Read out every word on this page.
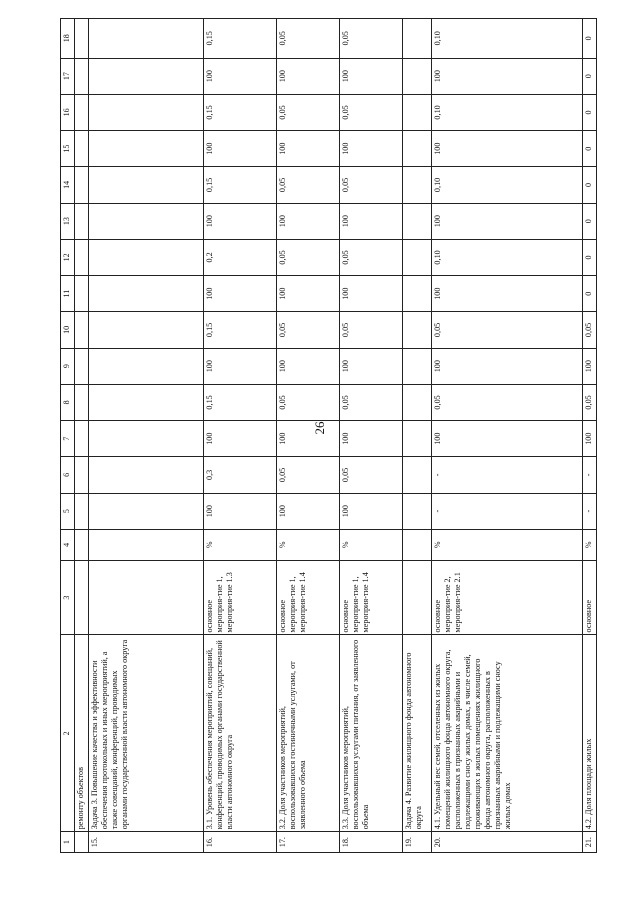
26
1	2	3	4	5	6	7	8	9	10	11	12	13	14	15	16	17	18
	ремонту объектов																
15.	Задача 3. Повышение качества и эффективности обеспечения протокольных и иных мероприятий, а также совещаний, конференций, проводимых органами государственной власти автономного округа																
16.	3.1. Уровень обеспечения мероприятий, совещаний, конференций, проводимых органами государственной власти автономного округа	основное мероприя-тие 1, мероприя-тие 1.3	%	100	0,3	100	0,15	100	0,15	100	0,2	100	0,15	100	0,15	100	0,15
17.	3.2. Доля участников мероприятий, воспользовавшихся гостиничными услугами, от заявленного объема	основное мероприя-тие 1, мероприя-тие 1.4	%	100	0,05	100	0,05	100	0,05	100	0,05	100	0,05	100	0,05	100	0,05
18.	3.3. Доля участников мероприятий, воспользовавшихся услугами питания, от заявленного объема	основное мероприя-тие 1, мероприя-тие 1.4	%	100	0,05	100	0,05	100	0,05	100	0,05	100	0,05	100	0,05	100	0,05
19.	Задача 4. Развитие жилищного фонда автономного округа																
20.	4.1. Удельный вес семей, отселенных из жилых помещений жилищного фонда автономного округа, расположенных в признанных аварийными и подлежащими сносу жилых домах, в числе семей, проживающих в жилых помещениях жилищного фонда автономного округа, расположенных в признанных аварийными и подлежащими сносу жилых домах	основное мероприя-тие 2, мероприя-тие 2.1	%	-	-	100	0,05	100	0,05	100	0,10	100	0,10	100	0,10	100	0,10
21.	4.2. Доля площади жилых	основное	%	-	-	100	0,05	100	0,05	0	0	0	0	0	0	0	0
